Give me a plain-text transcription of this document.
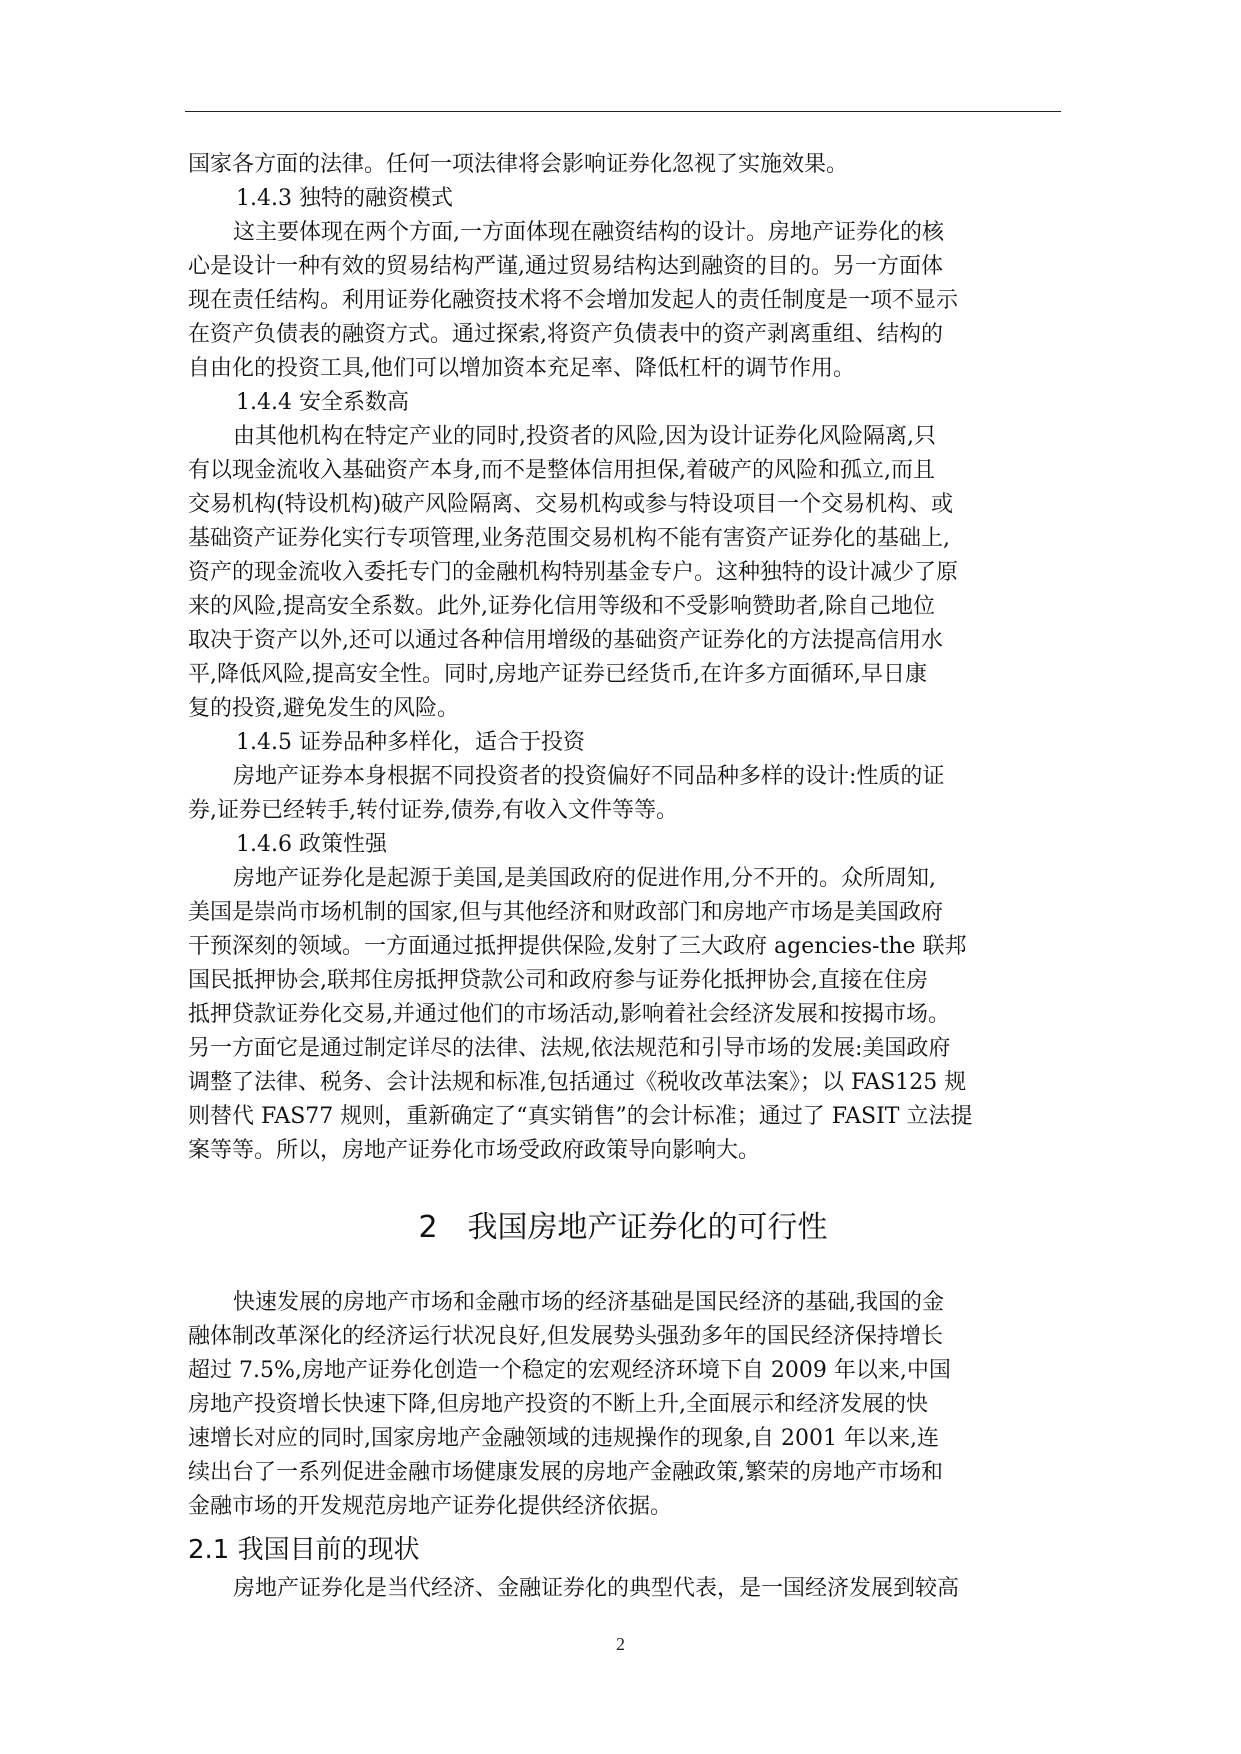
国家各方面的法律。任何一项法律将会影响证券化忽视了实施效果。
1.4.3 独特的融资模式
这主要体现在两个方面,一方面体现在融资结构的设计。房地产证券化的核
心是设计一种有效的贸易结构严谨,通过贸易结构达到融资的目的。另一方面体
现在责任结构。利用证券化融资技术将不会增加发起人的责任制度是一项不显示
在资产负债表的融资方式。通过探索,将资产负债表中的资产剥离重组、结构的
自由化的投资工具,他们可以增加资本充足率、降低杠杆的调节作用。
1.4.4 安全系数高
由其他机构在特定产业的同时,投资者的风险,因为设计证券化风险隔离,只
有以现金流收入基础资产本身,而不是整体信用担保,着破产的风险和孤立,而且
交易机构(特设机构)破产风险隔离、交易机构或参与特设项目一个交易机构、或
基础资产证券化实行专项管理,业务范围交易机构不能有害资产证券化的基础上,
资产的现金流收入委托专门的金融机构特别基金专户。这种独特的设计减少了原
来的风险,提高安全系数。此外,证券化信用等级和不受影响赞助者,除自己地位
取决于资产以外,还可以通过各种信用增级的基础资产证券化的方法提高信用水
平,降低风险,提高安全性。同时,房地产证券已经货币,在许多方面循环,早日康
复的投资,避免发生的风险。
1.4.5 证券品种多样化，适合于投资
房地产证券本身根据不同投资者的投资偏好不同品种多样的设计:性质的证
券,证券已经转手,转付证券,债券,有收入文件等等。
1.4.6 政策性强
房地产证券化是起源于美国,是美国政府的促进作用,分不开的。众所周知,
美国是崇尚市场机制的国家,但与其他经济和财政部门和房地产市场是美国政府
干预深刻的领域。一方面通过抵押提供保险,发射了三大政府 agencies-the 联邦
国民抵押协会,联邦住房抵押贷款公司和政府参与证券化抵押协会,直接在住房
抵押贷款证券化交易,并通过他们的市场活动,影响着社会经济发展和按揭市场。
另一方面它是通过制定详尽的法律、法规,依法规范和引导市场的发展:美国政府
调整了法律、税务、会计法规和标准,包括通过《税收改革法案》；以 FAS125 规
则替代 FAS77 规则，重新确定了“真实销售”的会计标准；通过了 FASIT 立法提
案等等。所以，房地产证券化市场受政府政策导向影响大。
2　我国房地产证券化的可行性
快速发展的房地产市场和金融市场的经济基础是国民经济的基础,我国的金
融体制改革深化的经济运行状况良好,但发展势头强劲多年的国民经济保持增长
超过 7.5%,房地产证券化创造一个稳定的宏观经济环境下自 2009 年以来,中国
房地产投资增长快速下降,但房地产投资的不断上升,全面展示和经济发展的快
速增长对应的同时,国家房地产金融领域的违规操作的现象,自 2001 年以来,连
续出台了一系列促进金融市场健康发展的房地产金融政策,繁荣的房地产市场和
金融市场的开发规范房地产证券化提供经济依据。
2.1 我国目前的现状
房地产证券化是当代经济、金融证券化的典型代表，是一国经济发展到较高
2
